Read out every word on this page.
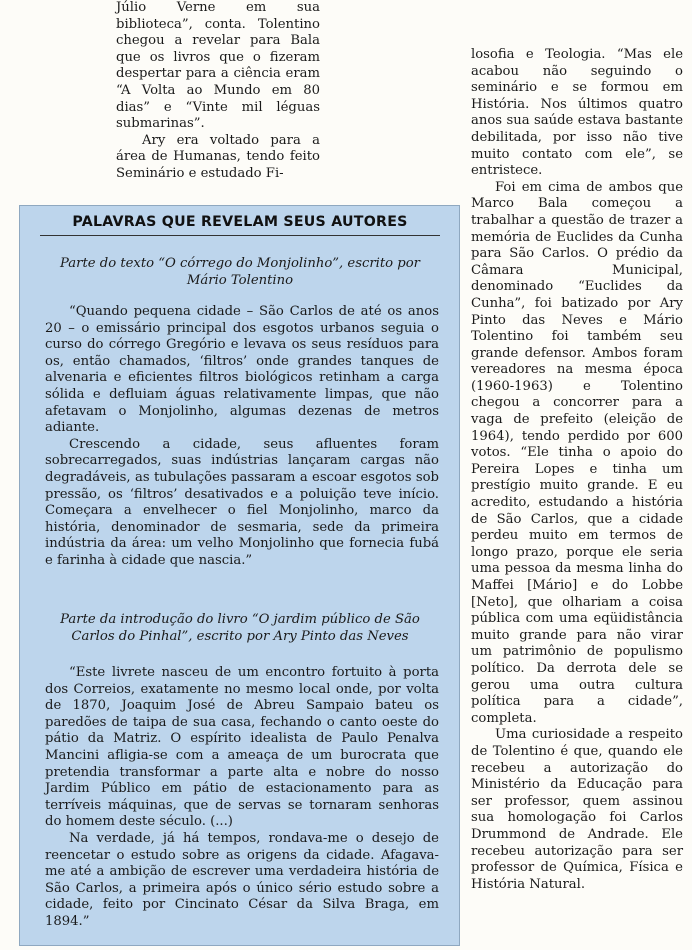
Júlio Verne em sua biblioteca”, conta. Tolentino chegou a revelar para Bala que os livros que o fizeram despertar para a ciência eram “A Volta ao Mundo em 80 dias” e “Vinte mil léguas submarinas”.

Ary era voltado para a área de Humanas, tendo feito Seminário e estudado Fi-

PALAVRAS QUE REVELAM SEUS AUTORES
Parte do texto “O córrego do Monjolinho”, escrito por Mário Tolentino

“Quando pequena cidade – São Carlos de até os anos 20 – o emissário principal dos esgotos urbanos seguia o curso do córrego Gregório e levava os seus resíduos para os, então chamados, ‘filtros’ onde grandes tanques de alvenaria e eficientes filtros biológicos retinham a carga sólida e defluiam águas relativamente limpas, que não afetavam o Monjolinho, algumas dezenas de metros adiante.

Crescendo a cidade, seus afluentes foram sobrecarregados, suas indústrias lançaram cargas não degradáveis, as tubulações passaram a escoar esgotos sob pressão, os ‘filtros’ desativados e a poluição teve início. Começara a envelhecer o fiel Monjolinho, marco da história, denominador de sesmaria, sede da primeira indústria da área: um velho Monjolinho que fornecia fubá e farinha à cidade que nascia.”

Parte da introdução do livro “O jardim público de São Carlos do Pinhal”, escrito por Ary Pinto das Neves

“Este livrete nasceu de um encontro fortuito à porta dos Correios, exatamente no mesmo local onde, por volta de 1870, Joaquim José de Abreu Sampaio bateu os paredões de taipa de sua casa, fechando o canto oeste do pátio da Matriz. O espírito idealista de Paulo Penalva Mancini afligia-se com a ameaça de um burocrata que pretendia transformar a parte alta e nobre do nosso Jardim Público em pátio de estacionamento para as terríveis máquinas, que de servas se tornaram senhoras do homem deste século. (...)

Na verdade, já há tempos, rondava-me o desejo de reencetar o estudo sobre as origens da cidade. Afagava-me até a ambição de escrever uma verdadeira história de São Carlos, a primeira após o único sério estudo sobre a cidade, feito por Cincinato César da Silva Braga, em 1894.”

losofia e Teologia. “Mas ele acabou não seguindo o seminário e se formou em História. Nos últimos quatro anos sua saúde estava bastante debilitada, por isso não tive muito contato com ele”, se entristece.

Foi em cima de ambos que Marco Bala começou a trabalhar a questão de trazer a memória de Euclides da Cunha para São Carlos. O prédio da Câmara Municipal, denominado “Euclides da Cunha”, foi batizado por Ary Pinto das Neves e Mário Tolentino foi também seu grande defensor. Ambos foram vereadores na mesma época (1960-1963) e Tolentino chegou a concorrer para a vaga de prefeito (eleição de 1964), tendo perdido por 600 votos. “Ele tinha o apoio do Pereira Lopes e tinha um prestígio muito grande. E eu acredito, estudando a história de São Carlos, que a cidade perdeu muito em termos de longo prazo, porque ele seria uma pessoa da mesma linha do Maffei [Mário] e do Lobbe [Neto], que olhariam a coisa pública com uma eqüidistância muito grande para não virar um patrimônio de populismo político. Da derrota dele se gerou uma outra cultura política para a cidade”, completa.

Uma curiosidade a respeito de Tolentino é que, quando ele recebeu a autorização do Ministério da Educação para ser professor, quem assinou sua homologação foi Carlos Drummond de Andrade. Ele recebeu autorização para ser professor de Química, Física e História Natural.
